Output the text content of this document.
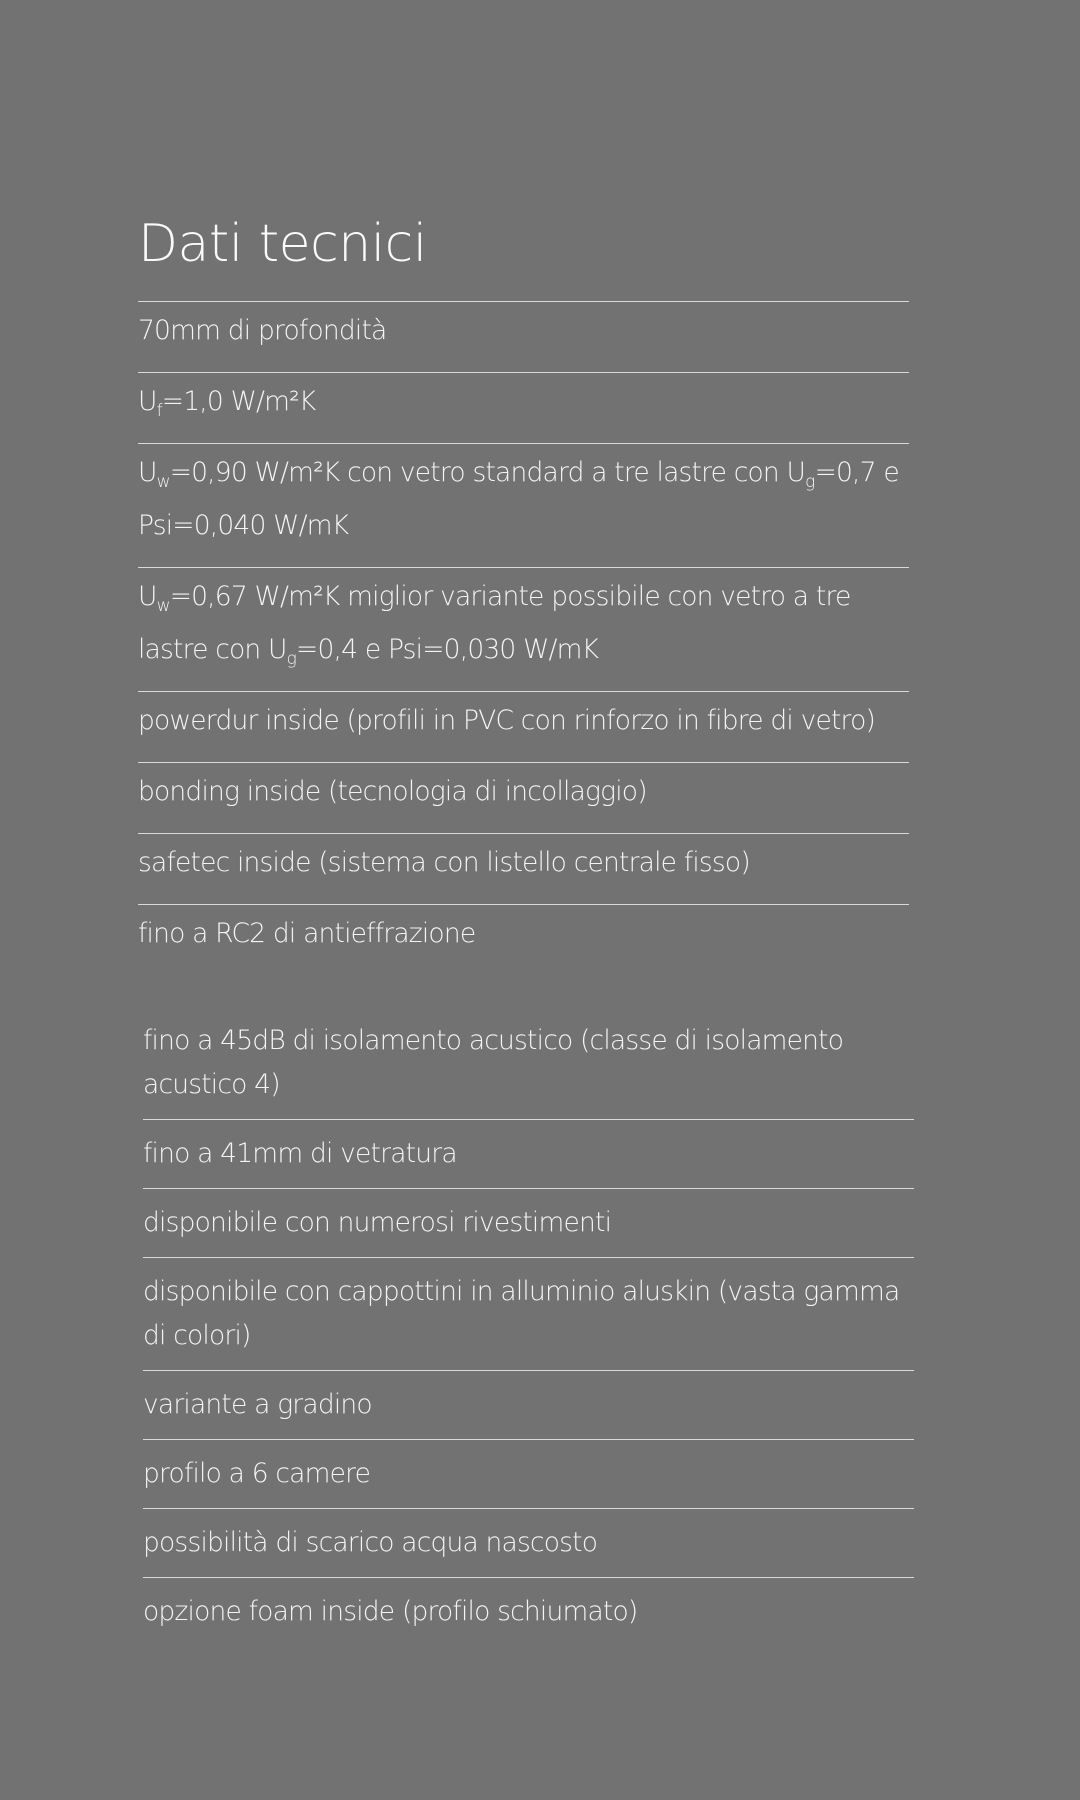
Dati tecnici
70mm di profondità
$U_f=1,0$ W/m²K
$U_w=0,90$ W/m²K con vetro standard a tre lastre con $U_g=0,7$ e Psi=0,040 W/mK
$U_w=0,67$ W/m²K miglior variante possibile con vetro a tre lastre con $U_g=0,4$ e Psi=0,030 W/mK
powerdur inside (profili in PVC con rinforzo in fibre di vetro)
bonding inside (tecnologia di incollaggio)
safetec inside (sistema con listello centrale fisso)
fino a RC2 di antieffrazione
fino a 45dB di isolamento acustico (classe di isolamento acustico 4)
fino a 41mm di vetratura
disponibile con numerosi rivestimenti
disponibile con cappottini in alluminio aluskin (vasta gamma di colori)
variante a gradino
profilo a 6 camere
possibilità di scarico acqua nascosto
opzione foam inside (profilo schiumato)
